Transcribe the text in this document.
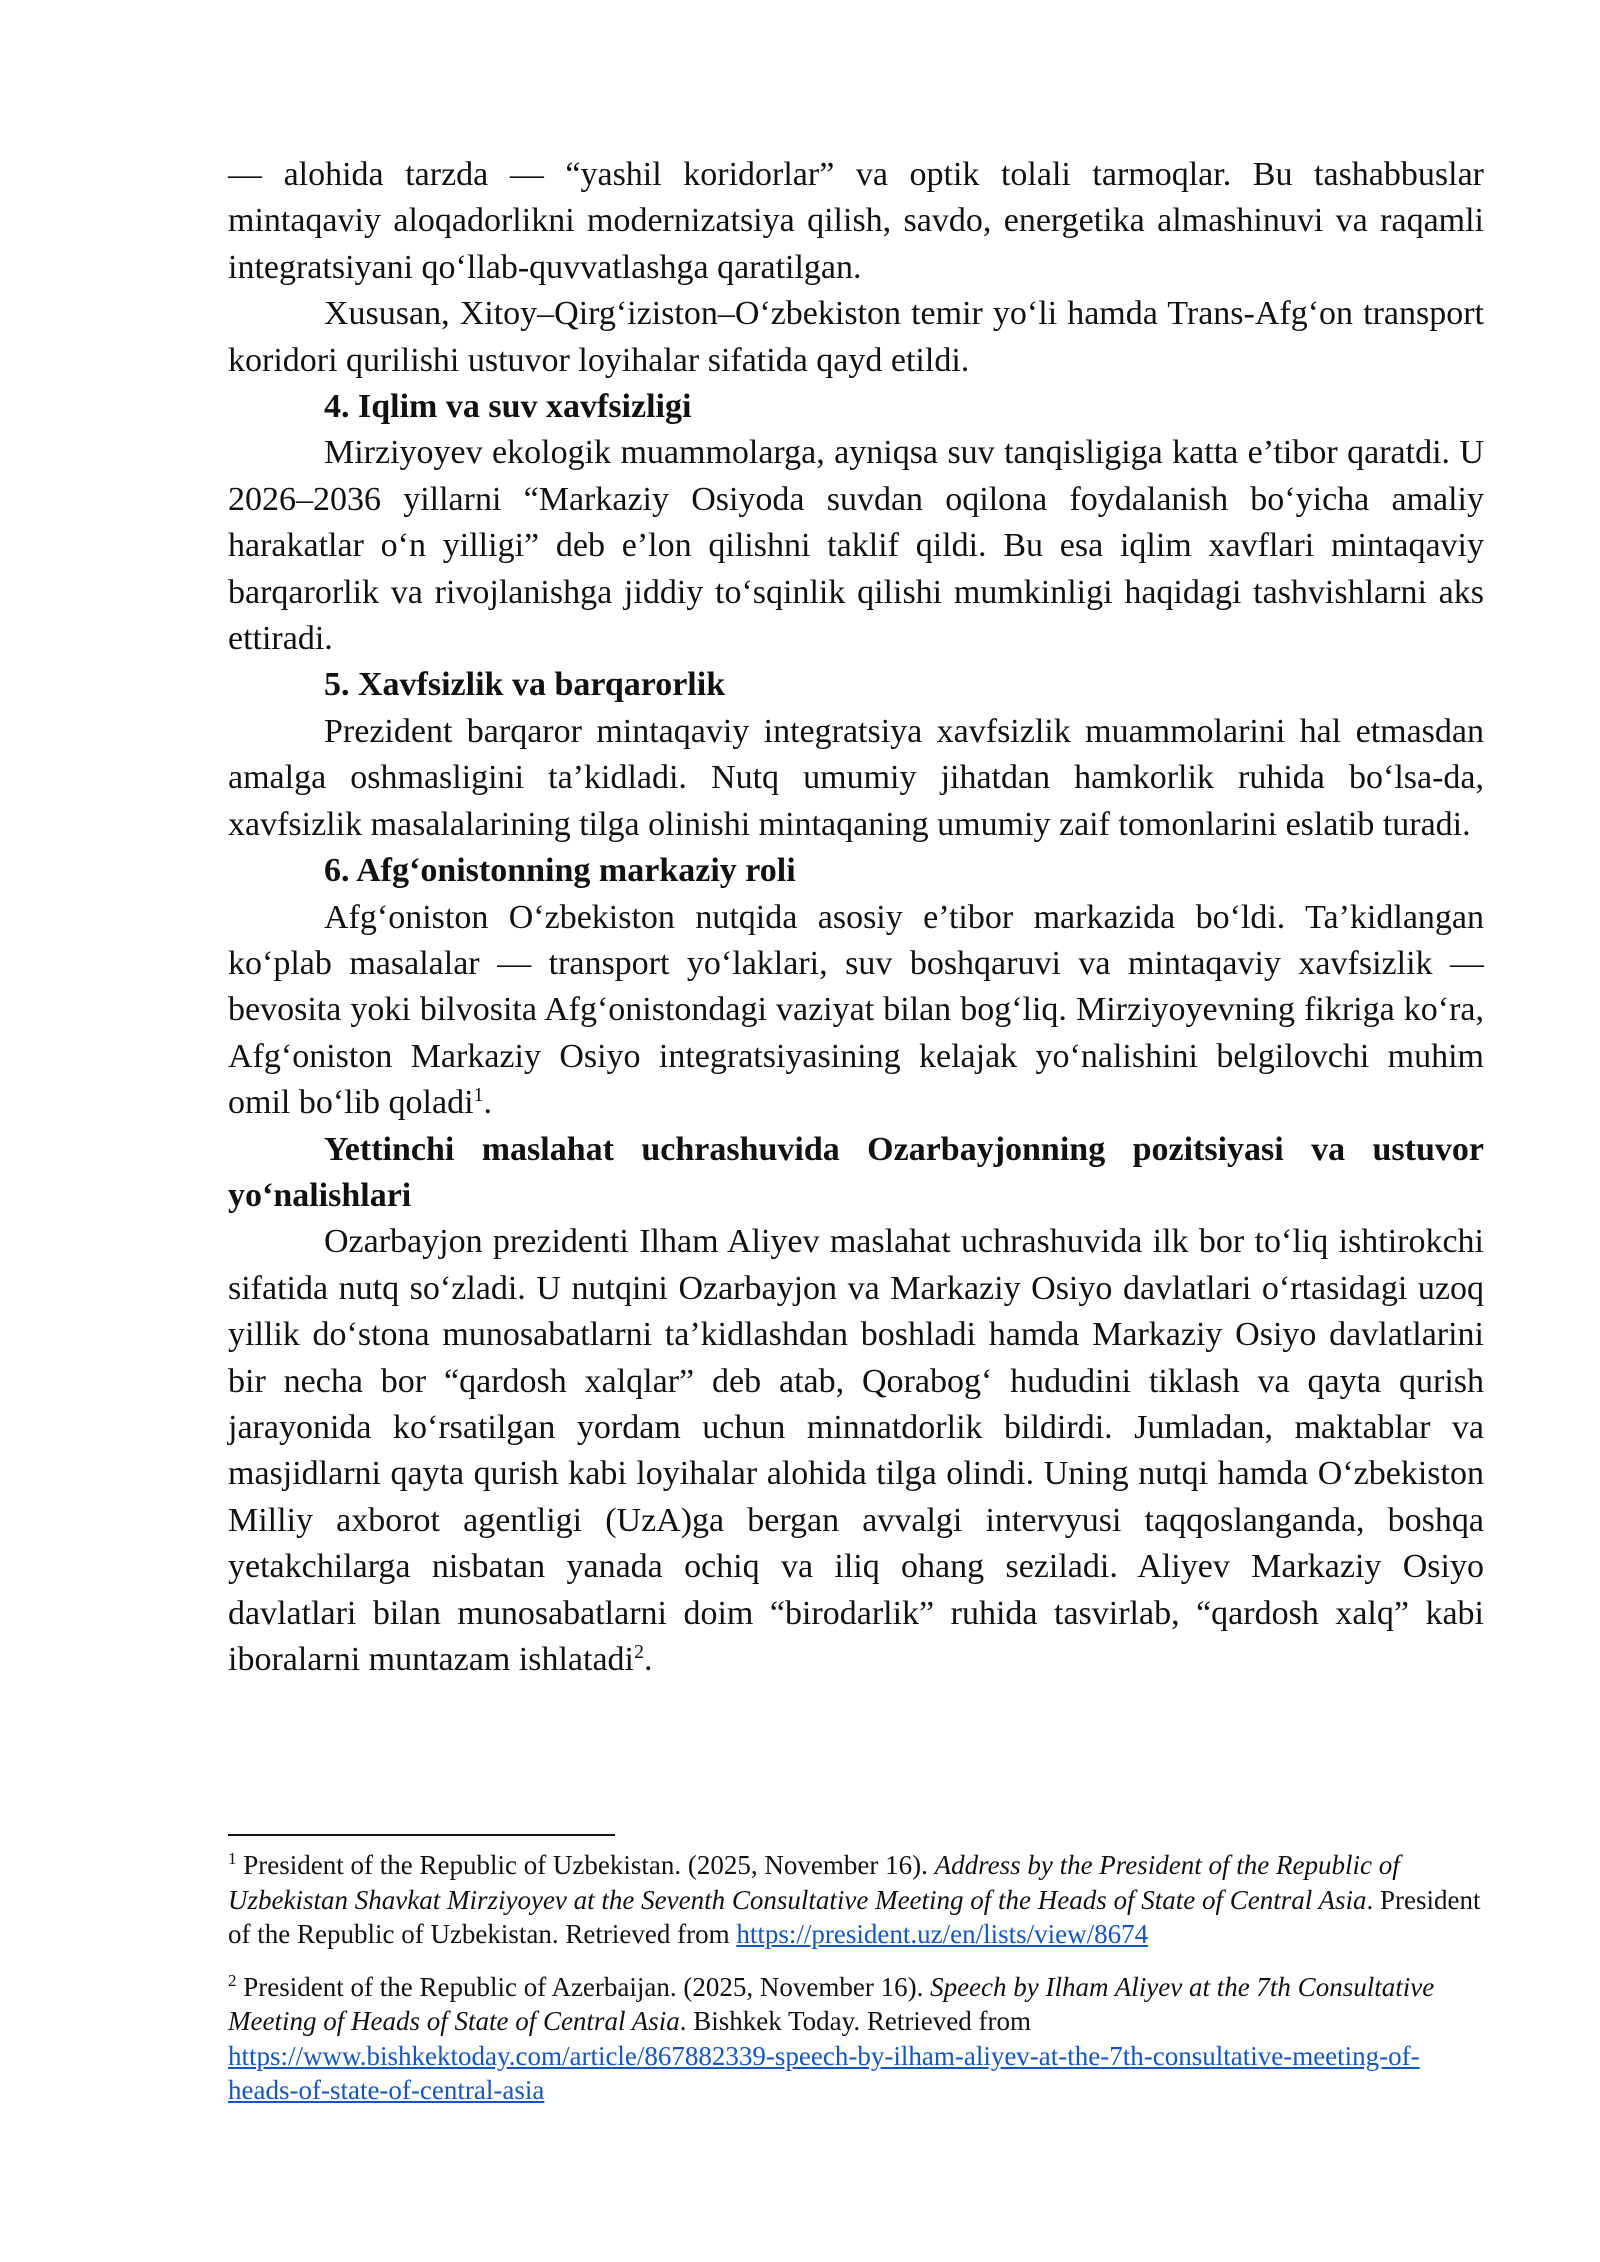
— alohida tarzda — “yashil koridorlar” va optik tolali tarmoqlar. Bu tashabbuslar mintaqaviy aloqadorlikni modernizatsiya qilish, savdo, energetika almashinuvi va raqamli integratsiyani qoʻllab-quvvatlashga qaratilgan.

Xususan, Xitoy–Qirgʻiziston–Oʻzbekiston temir yoʻli hamda Trans-Afgʻon transport koridori qurilishi ustuvor loyihalar sifatida qayd etildi.

4. Iqlim va suv xavfsizligi

Mirziyoyev ekologik muammolarga, ayniqsa suv tanqisligiga katta e’tibor qaratdi. U 2026–2036 yillarni “Markaziy Osiyoda suvdan oqilona foydalanish boʻyicha amaliy harakatlar oʻn yilligi” deb e’lon qilishni taklif qildi. Bu esa iqlim xavflari mintaqaviy barqarorlik va rivojlanishga jiddiy toʻsqinlik qilishi mumkinligi haqidagi tashvishlarni aks ettiradi.

5. Xavfsizlik va barqarorlik

Prezident barqaror mintaqaviy integratsiya xavfsizlik muammolarini hal etmasdan amalga oshmasligini ta’kidladi. Nutq umumiy jihatdan hamkorlik ruhida boʻlsa-da, xavfsizlik masalalarining tilga olinishi mintaqaning umumiy zaif tomonlarini eslatib turadi.

6. Afgʻonistonning markaziy roli

Afgʻoniston Oʻzbekiston nutqida asosiy e’tibor markazida boʻldi. Ta’kidlangan koʻplab masalalar — transport yoʻlaklari, suv boshqaruvi va mintaqaviy xavfsizlik — bevosita yoki bilvosita Afgʻonistondagi vaziyat bilan bogʻliq. Mirziyoyevning fikriga koʻra, Afgʻoniston Markaziy Osiyo integratsiyasining kelajak yoʻnalishini belgilovchi muhim omil boʻlib qoladi$^1$.

Yettinchi maslahat uchrashuvida Ozarbayjonning pozitsiyasi va ustuvor yoʻnalishlari

Ozarbayjon prezidenti Ilham Aliyev maslahat uchrashuvida ilk bor toʻliq ishtirokchi sifatida nutq soʻzladi. U nutqini Ozarbayjon va Markaziy Osiyo davlatlari oʻrtasidagi uzoq yillik doʻstona munosabatlarni ta’kidlashdan boshladi hamda Markaziy Osiyo davlatlarini bir necha bor “qardosh xalqlar” deb atab, Qorabogʻ hududini tiklash va qayta qurish jarayonida koʻrsatilgan yordam uchun minnatdorlik bildirdi. Jumladan, maktablar va masjidlarni qayta qurish kabi loyihalar alohida tilga olindi. Uning nutqi hamda Oʻzbekiston Milliy axborot agentligi (UzA)ga bergan avvalgi intervyusi taqqoslanganda, boshqa yetakchilarga nisbatan yanada ochiq va iliq ohang seziladi. Aliyev Markaziy Osiyo davlatlari bilan munosabatlarni doim “birodarlik” ruhida tasvirlab, “qardosh xalq” kabi iboralarni muntazam ishlatadi$^2$.

$^1$ President of the Republic of Uzbekistan. (2025, November 16). Address by the President of the Republic of Uzbekistan Shavkat Mirziyoyev at the Seventh Consultative Meeting of the Heads of State of Central Asia. President of the Republic of Uzbekistan. Retrieved from https://president.uz/en/lists/view/8674

$^2$ President of the Republic of Azerbaijan. (2025, November 16). Speech by Ilham Aliyev at the 7th Consultative Meeting of Heads of State of Central Asia. Bishkek Today. Retrieved from https://www.bishkektoday.com/article/867882339-speech-by-ilham-aliyev-at-the-7th-consultative-meeting-of-heads-of-state-of-central-asia
